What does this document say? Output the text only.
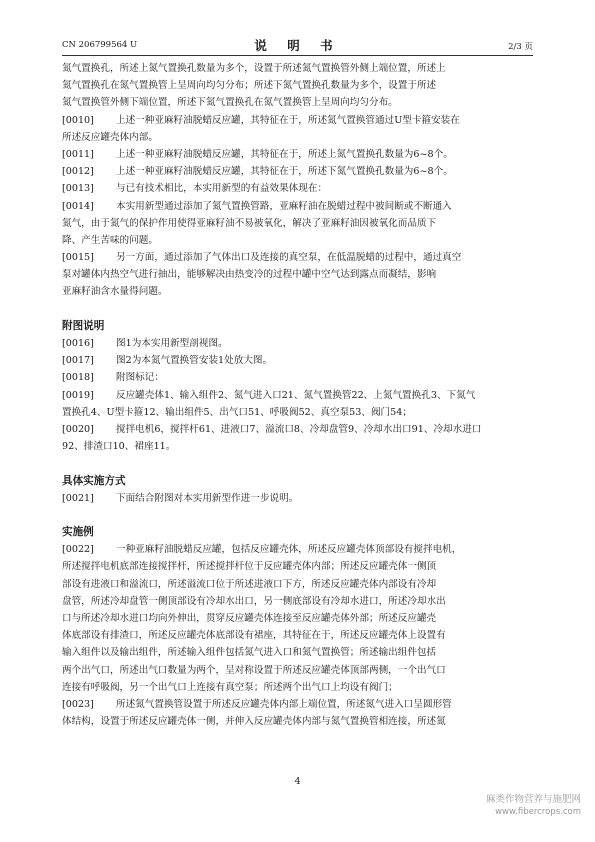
CN 206799564 U	说 明 书	2/3 页
氮气置换孔，所述上氮气置换孔数量为多个，设置于所述氮气置换管外侧上端位置，所述上
氮气置换孔在氮气置换管上呈周向均匀分布；所述下氮气置换孔数量为多个，设置于所述
氮气置换管外侧下端位置，所述下氮气置换孔在氮气置换管上呈周向均匀分布。
[0010] 上述一种亚麻籽油脱蜡反应罐，其特征在于，所述氮气置换管通过U型卡箍安装在
所述反应罐壳体内部。
[0011] 上述一种亚麻籽油脱蜡反应罐，其特征在于，所述上氮气置换孔数量为6~8个。
[0012] 上述一种亚麻籽油脱蜡反应罐，其特征在于，所述下氮气置换孔数量为6~8个。
[0013] 与已有技术相比，本实用新型的有益效果体现在：
[0014] 本实用新型通过添加了氮气置换管路，亚麻籽油在脱蜡过程中被间断或不断通入
氮气，由于氮气的保护作用使得亚麻籽油不易被氧化，解决了亚麻籽油因被氧化而品质下
降、产生苦味的问题。
[0015] 另一方面，通过添加了气体出口及连接的真空泵，在低温脱蜡的过程中，通过真空
泵对罐体内热空气进行抽出，能够解决由热变冷的过程中罐中空气达到露点而凝结，影响
亚麻籽油含水量得问题。
附图说明
[0016] 图1为本实用新型剖视图。
[0017] 图2为本氮气置换管安装1处放大图。
[0018] 附图标记：
[0019] 反应罐壳体1、输入组件2、氮气进入口21、氮气置换管22、上氮气置换孔3、下氮气
置换孔4、U型卡箍12、输出组件5、出气口51、呼吸阀52、真空泵53、阀门54；
[0020] 搅拌电机6，搅拌杆61、进液口7、溢流口8、冷却盘管9、冷却水出口91、冷却水进口
92、排渣口10、裙座11。
具体实施方式
[0021] 下面结合附图对本实用新型作进一步说明。
实施例
[0022] 一种亚麻籽油脱蜡反应罐，包括反应罐壳体，所述反应罐壳体顶部设有搅拌电机，
所述搅拌电机底部连接搅拌杆，所述搅拌杆位于反应罐壳体内部；所述反应罐壳体一侧顶
部设有进液口和溢流口，所述溢流口位于所述进液口下方，所述反应罐壳体内部设有冷却
盘管，所述冷却盘管一侧顶部设有冷却水出口，另一侧底部设有冷却水进口，所述冷却水出
口与所述冷却水进口均向外伸出，贯穿反应罐壳体连接至反应罐壳体外部；所述反应罐壳
体底部设有排渣口，所述反应罐壳体底部设有裙座，其特征在于，所述反应罐壳体上设置有
输入组件以及输出组件，所述输入组件包括氮气进入口和氮气置换管；所述输出组件包括
两个出气口，所述出气口数量为两个，呈对称设置于所述反应罐壳体顶部两侧，一个出气口
连接有呼吸阀，另一个出气口上连接有真空泵；所述两个出气口上均设有阀门；
[0023] 所述氮气置换管设置于所述反应罐壳体内部上端位置，所述氮气进入口呈圆形管
体结构，设置于所述反应罐壳体一侧，并伸入反应罐壳体内部与氮气置换管相连接，所述氮
4
麻类作物营养与施肥网
www.fibercrops.com
